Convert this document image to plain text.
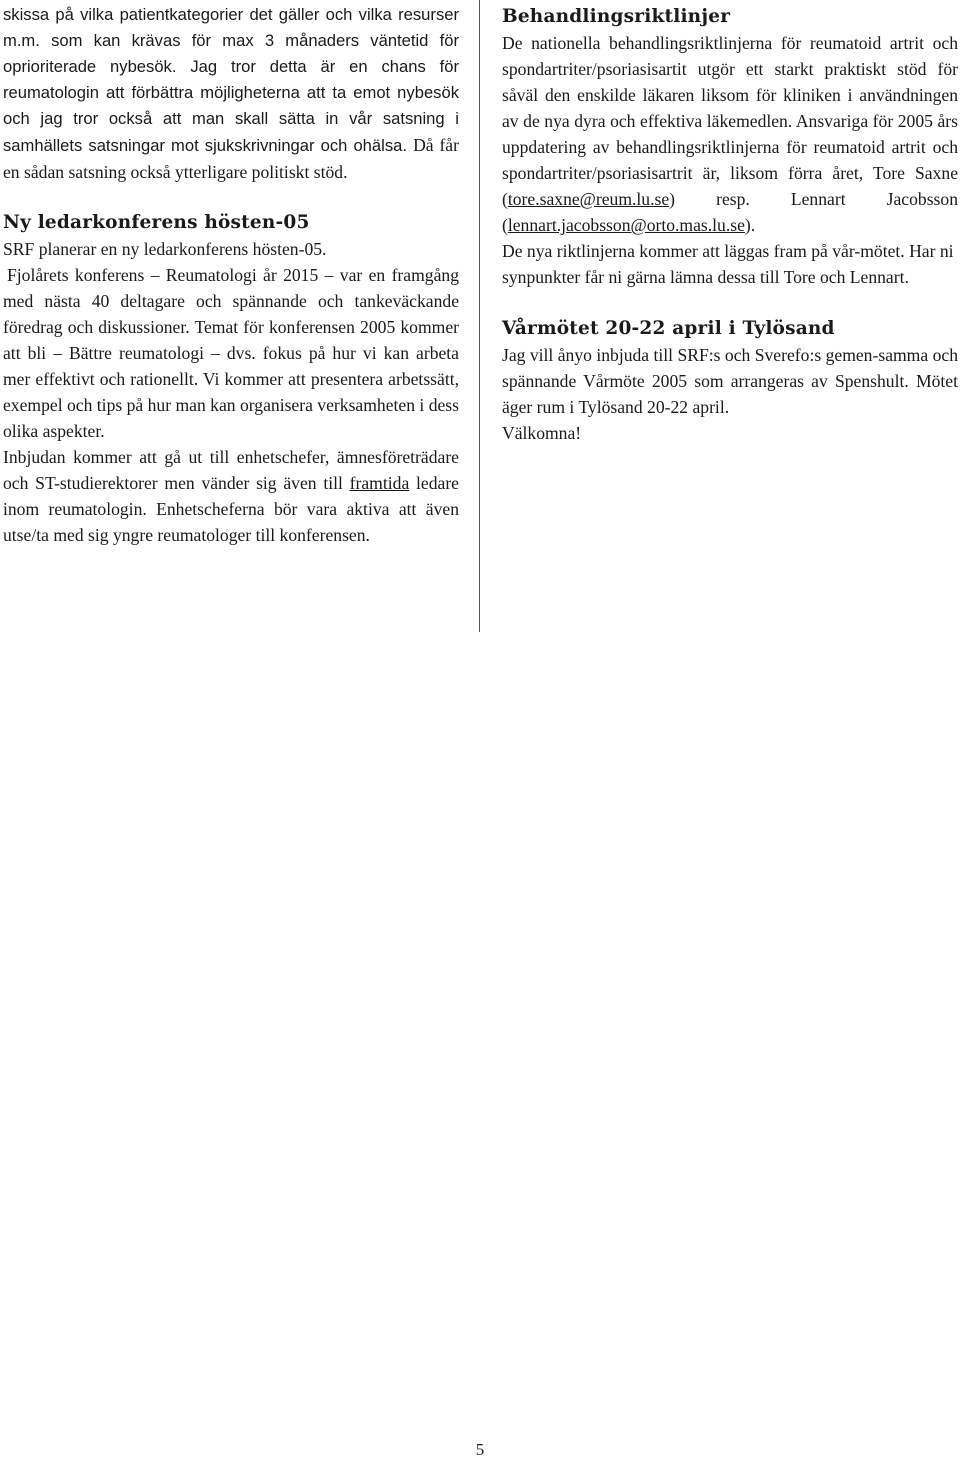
skissa på vilka patientkategorier det gäller och vilka resurser m.m. som kan krävas för max 3 månaders väntetid för oprioriterade nybesök. Jag tror detta är en chans för reumatologin att förbättra möjligheterna att ta emot nybesök och jag tror också att man skall sätta in vår satsning i samhällets satsningar mot sjukskrivningar och ohälsa. Då får en sådan satsning också ytterligare politiskt stöd.

Ny ledarkonferens hösten-05

SRF planerar en ny ledarkonferens hösten-05.

Fjolårets konferens – Reumatologi år 2015 – var en framgång med nästa 40 deltagare och spännande och tankeväckande föredrag och diskussioner. Temat för konferensen 2005 kommer att bli – Bättre reumatologi – dvs. fokus på hur vi kan arbeta mer effektivt och rationellt. Vi kommer att presentera arbetssätt, exempel och tips på hur man kan organisera verksamheten i dess olika aspekter.

Inbjudan kommer att gå ut till enhetschefer, ämnesföreträdare och ST-studierektorer men vänder sig även till framtida ledare inom reumatologin. Enhetscheferna bör vara aktiva att även utse/ta med sig yngre reumatologer till konferensen.

Behandlingsriktlinjer

De nationella behandlingsriktlinjerna för reumatoid artrit och spondartriter/psoriasisartit utgör ett starkt praktiskt stöd för såväl den enskilde läkaren liksom för kliniken i användningen av de nya dyra och effektiva läkemedlen. Ansvariga för 2005 års uppdatering av behandlingsriktlinjerna för reumatoid artrit och spondartriter/psoriasisartrit är, liksom förra året, Tore Saxne (tore.saxne@reum.lu.se) resp. Lennart Jacobsson (lennart.jacobsson@orto.mas.lu.se).

De nya riktlinjerna kommer att läggas fram på vår-mötet. Har ni synpunkter får ni gärna lämna dessa till Tore och Lennart.

Vårmötet 20-22 april i Tylösand

Jag vill ånyo inbjuda till SRF:s och Sverefo:s gemen-samma och spännande Vårmöte 2005 som arrangeras av Spenshult. Mötet äger rum i Tylösand 20-22 april.

Välkomna!

5
